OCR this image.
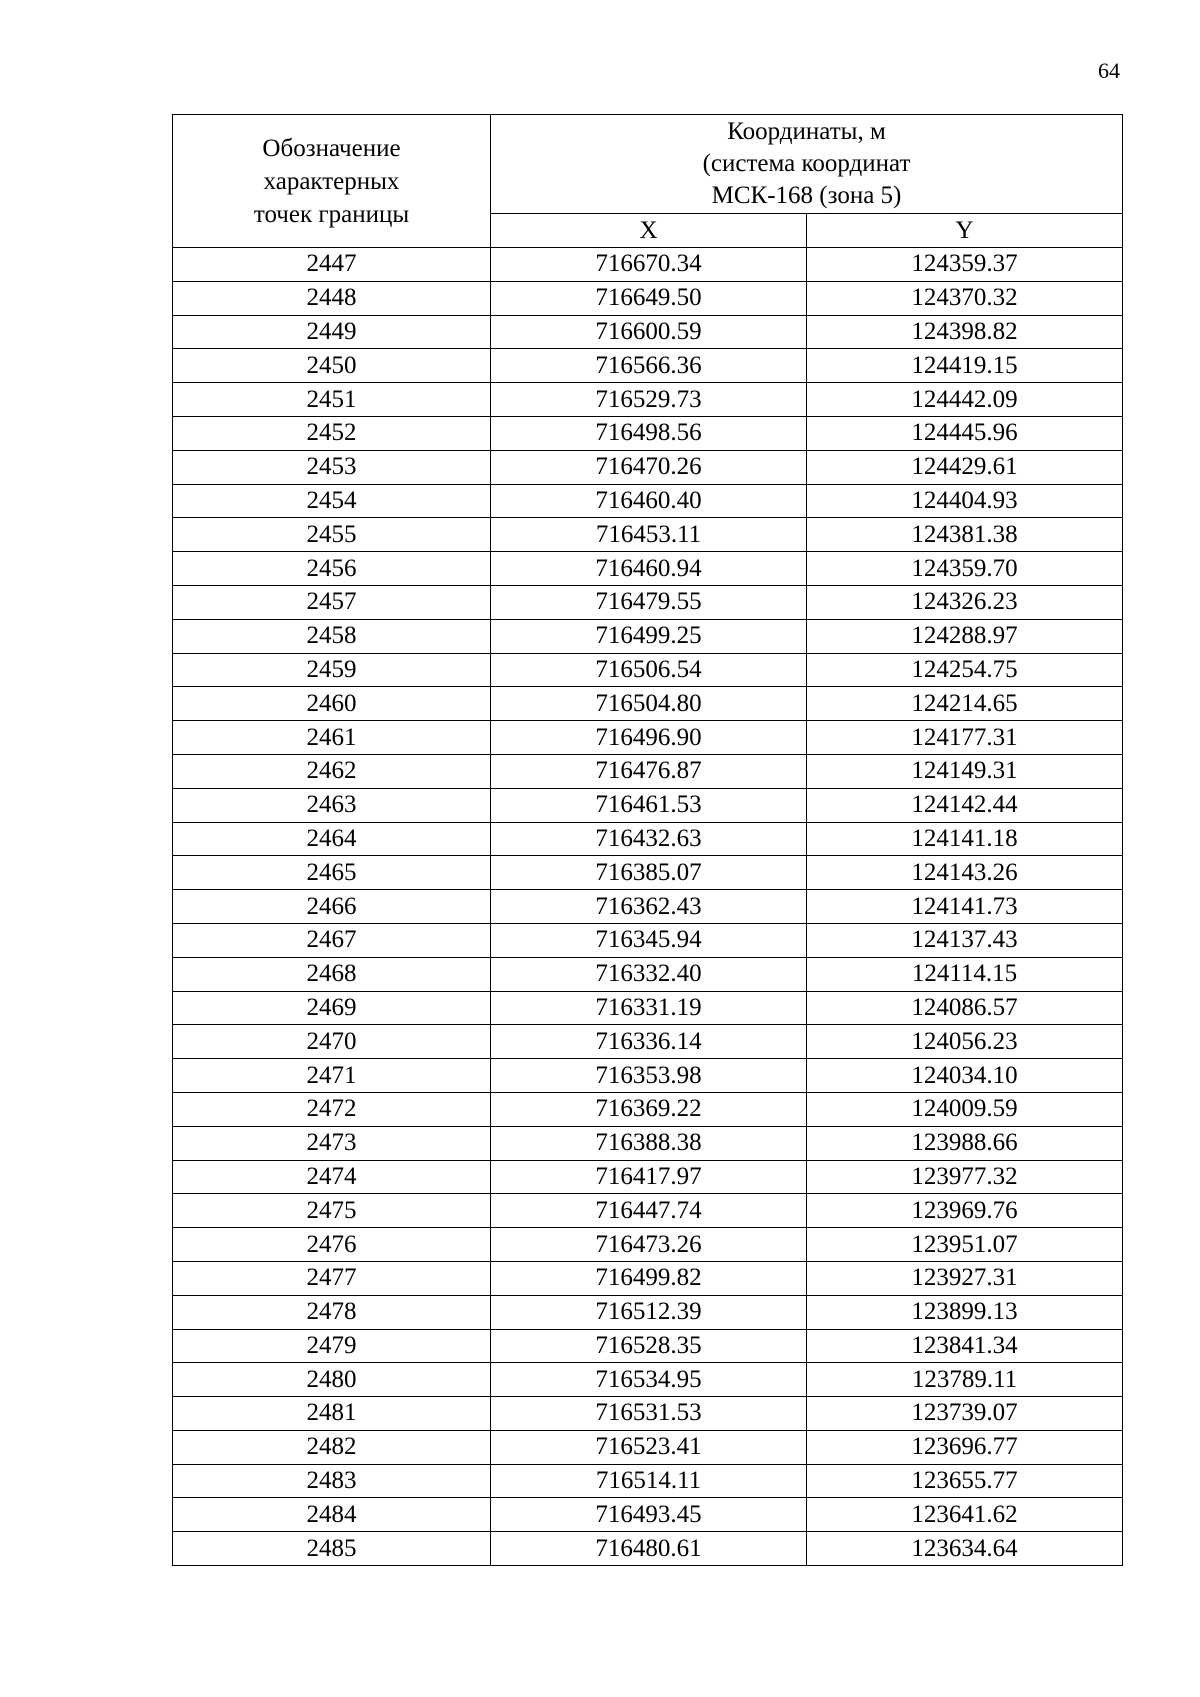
64
Обозначение
характерных
точек границы	Координаты, м
(система координат
МСК-168 (зона 5)	

	X	Y
2447	716670.34	124359.37
2448	716649.50	124370.32
2449	716600.59	124398.82
2450	716566.36	124419.15
2451	716529.73	124442.09
2452	716498.56	124445.96
2453	716470.26	124429.61
2454	716460.40	124404.93
2455	716453.11	124381.38
2456	716460.94	124359.70
2457	716479.55	124326.23
2458	716499.25	124288.97
2459	716506.54	124254.75
2460	716504.80	124214.65
2461	716496.90	124177.31
2462	716476.87	124149.31
2463	716461.53	124142.44
2464	716432.63	124141.18
2465	716385.07	124143.26
2466	716362.43	124141.73
2467	716345.94	124137.43
2468	716332.40	124114.15
2469	716331.19	124086.57
2470	716336.14	124056.23
2471	716353.98	124034.10
2472	716369.22	124009.59
2473	716388.38	123988.66
2474	716417.97	123977.32
2475	716447.74	123969.76
2476	716473.26	123951.07
2477	716499.82	123927.31
2478	716512.39	123899.13
2479	716528.35	123841.34
2480	716534.95	123789.11
2481	716531.53	123739.07
2482	716523.41	123696.77
2483	716514.11	123655.77
2484	716493.45	123641.62
2485	716480.61	123634.64
